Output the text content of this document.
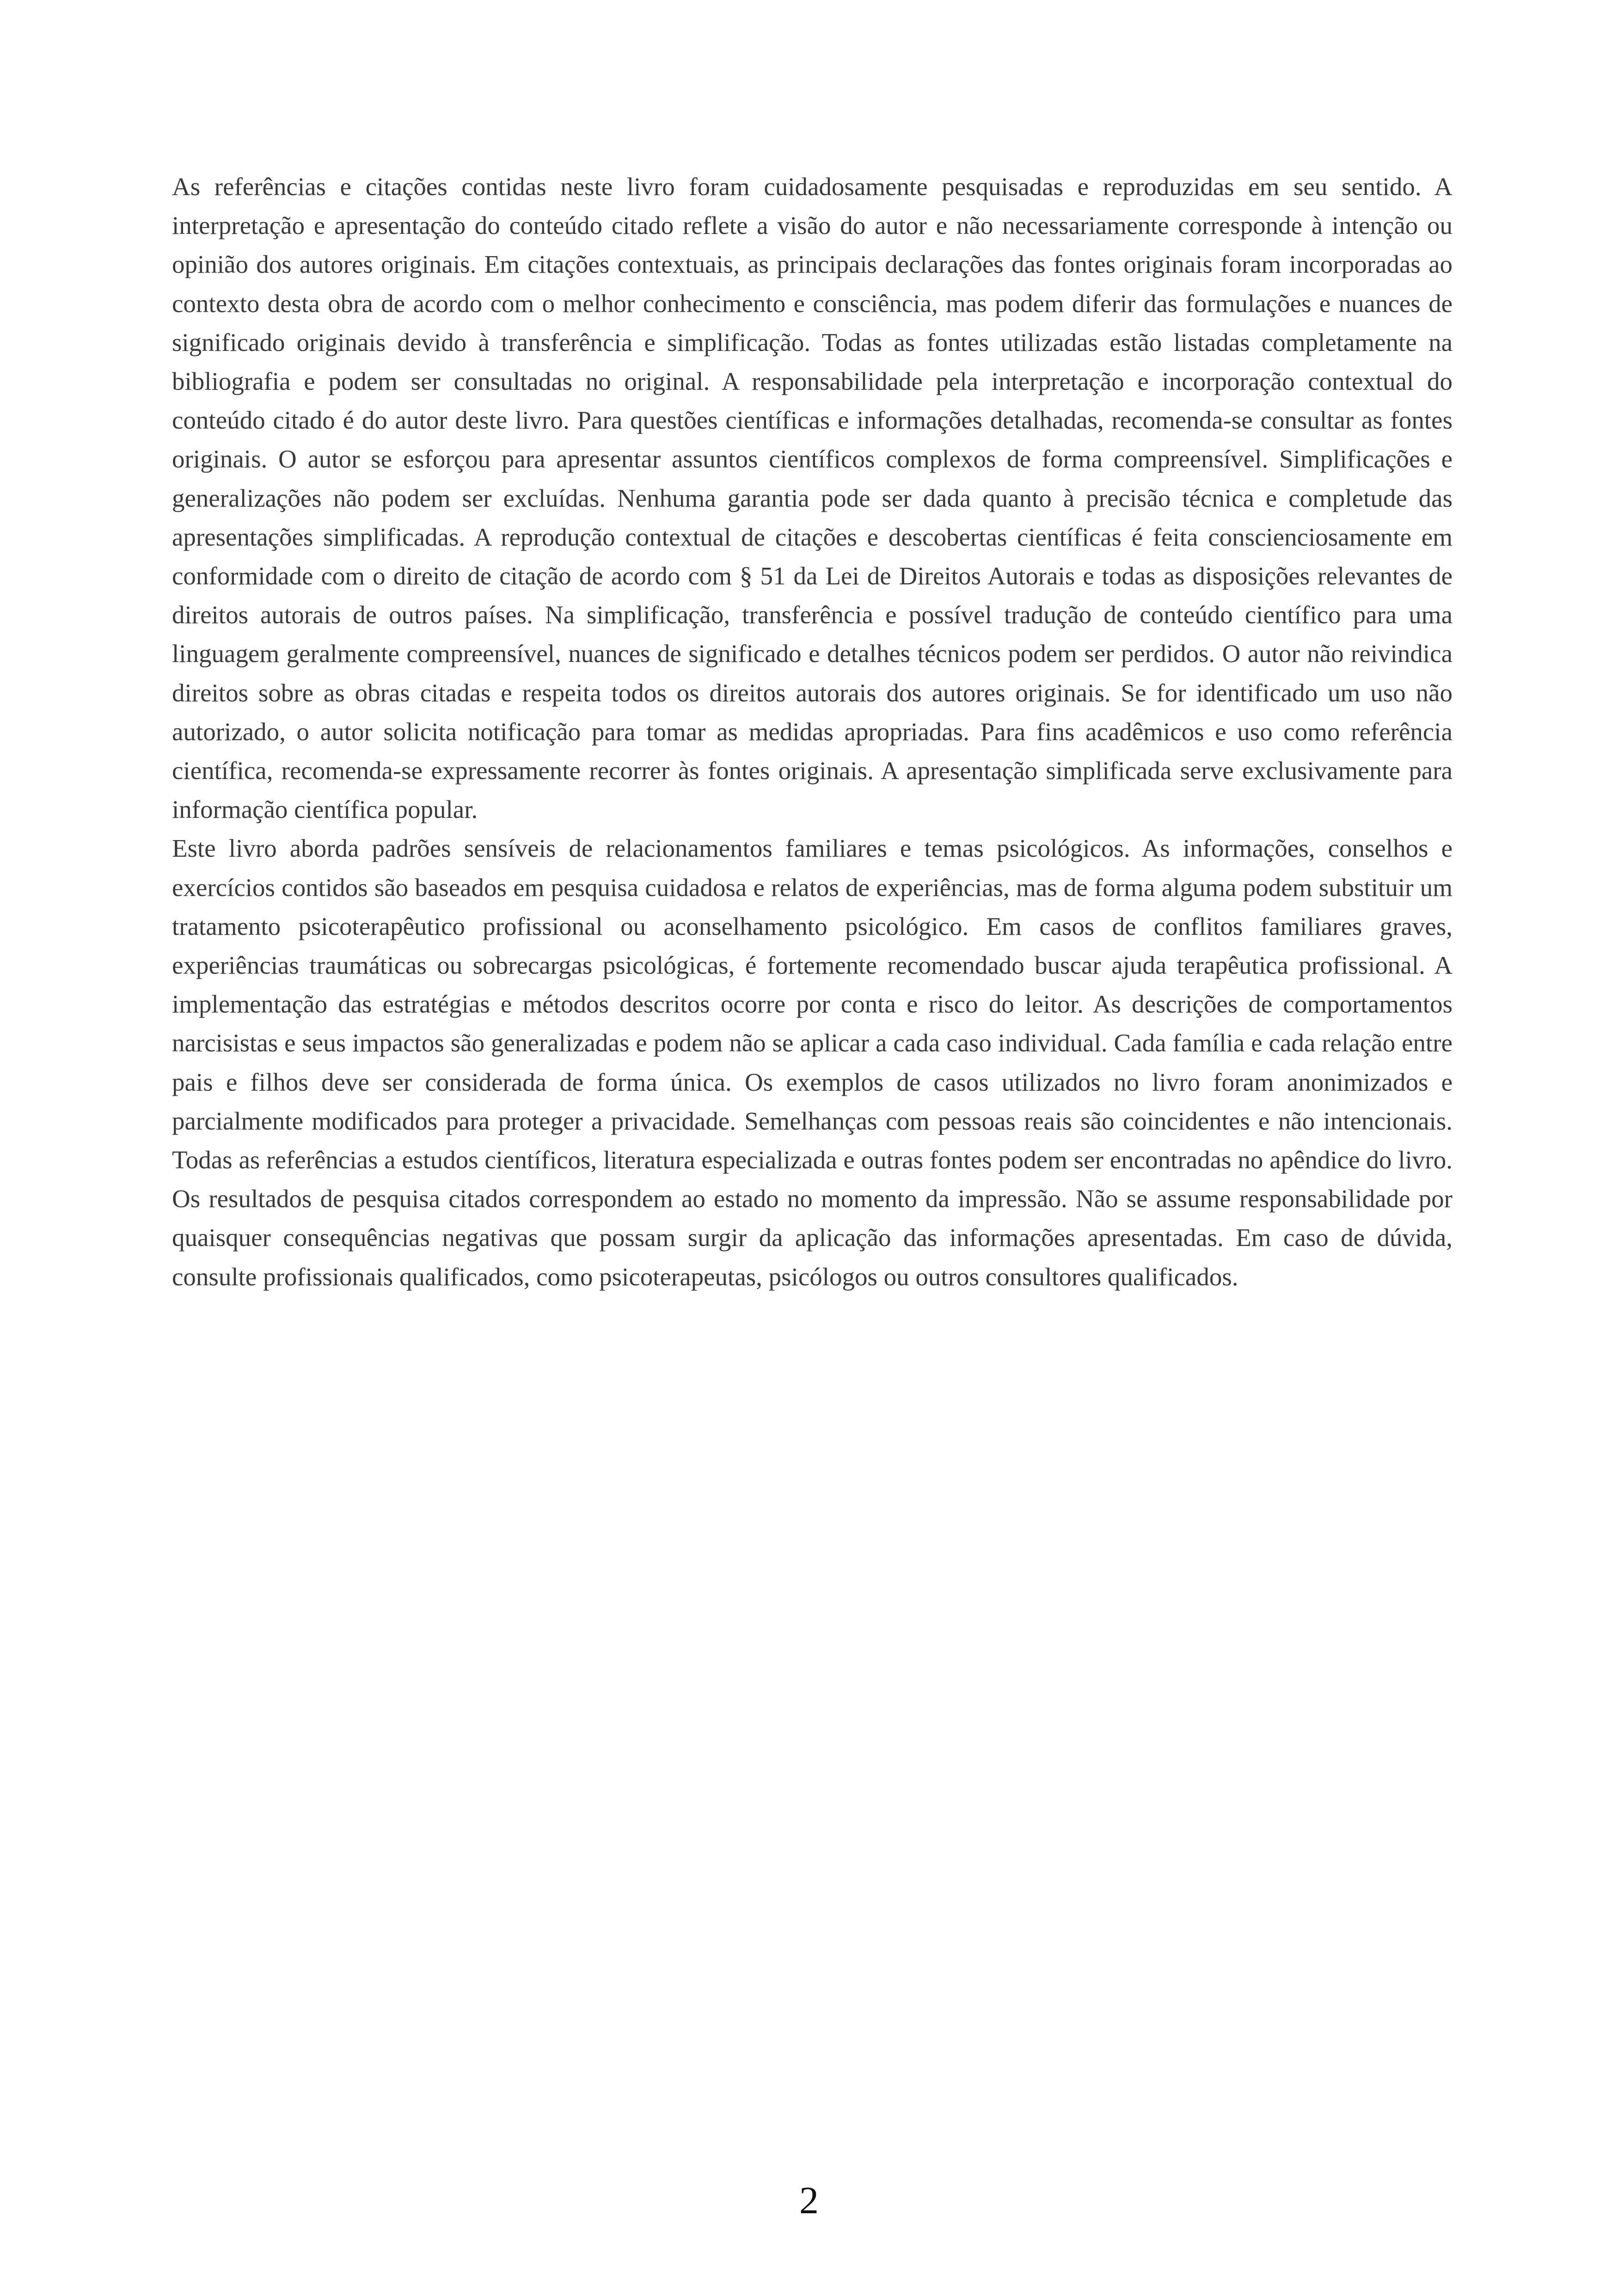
As referências e citações contidas neste livro foram cuidadosamente pesquisadas e reproduzidas em seu sentido. A interpretação e apresentação do conteúdo citado reflete a visão do autor e não necessariamente corresponde à intenção ou opinião dos autores originais. Em citações contextuais, as principais declarações das fontes originais foram incorporadas ao contexto desta obra de acordo com o melhor conhecimento e consciência, mas podem diferir das formulações e nuances de significado originais devido à transferência e simplificação. Todas as fontes utilizadas estão listadas completamente na bibliografia e podem ser consultadas no original. A responsabilidade pela interpretação e incorporação contextual do conteúdo citado é do autor deste livro. Para questões científicas e informações detalhadas, recomenda-se consultar as fontes originais. O autor se esforçou para apresentar assuntos científicos complexos de forma compreensível. Simplificações e generalizações não podem ser excluídas. Nenhuma garantia pode ser dada quanto à precisão técnica e completude das apresentações simplificadas. A reprodução contextual de citações e descobertas científicas é feita conscienciosamente em conformidade com o direito de citação de acordo com § 51 da Lei de Direitos Autorais e todas as disposições relevantes de direitos autorais de outros países. Na simplificação, transferência e possível tradução de conteúdo científico para uma linguagem geralmente compreensível, nuances de significado e detalhes técnicos podem ser perdidos. O autor não reivindica direitos sobre as obras citadas e respeita todos os direitos autorais dos autores originais. Se for identificado um uso não autorizado, o autor solicita notificação para tomar as medidas apropriadas. Para fins acadêmicos e uso como referência científica, recomenda-se expressamente recorrer às fontes originais. A apresentação simplificada serve exclusivamente para informação científica popular.

Este livro aborda padrões sensíveis de relacionamentos familiares e temas psicológicos. As informações, conselhos e exercícios contidos são baseados em pesquisa cuidadosa e relatos de experiências, mas de forma alguma podem substituir um tratamento psicoterapêutico profissional ou aconselhamento psicológico. Em casos de conflitos familiares graves, experiências traumáticas ou sobrecargas psicológicas, é fortemente recomendado buscar ajuda terapêutica profissional. A implementação das estratégias e métodos descritos ocorre por conta e risco do leitor. As descrições de comportamentos narcisistas e seus impactos são generalizadas e podem não se aplicar a cada caso individual. Cada família e cada relação entre pais e filhos deve ser considerada de forma única. Os exemplos de casos utilizados no livro foram anonimizados e parcialmente modificados para proteger a privacidade. Semelhanças com pessoas reais são coincidentes e não intencionais. Todas as referências a estudos científicos, literatura especializada e outras fontes podem ser encontradas no apêndice do livro. Os resultados de pesquisa citados correspondem ao estado no momento da impressão. Não se assume responsabilidade por quaisquer consequências negativas que possam surgir da aplicação das informações apresentadas. Em caso de dúvida, consulte profissionais qualificados, como psicoterapeutas, psicólogos ou outros consultores qualificados.

2
